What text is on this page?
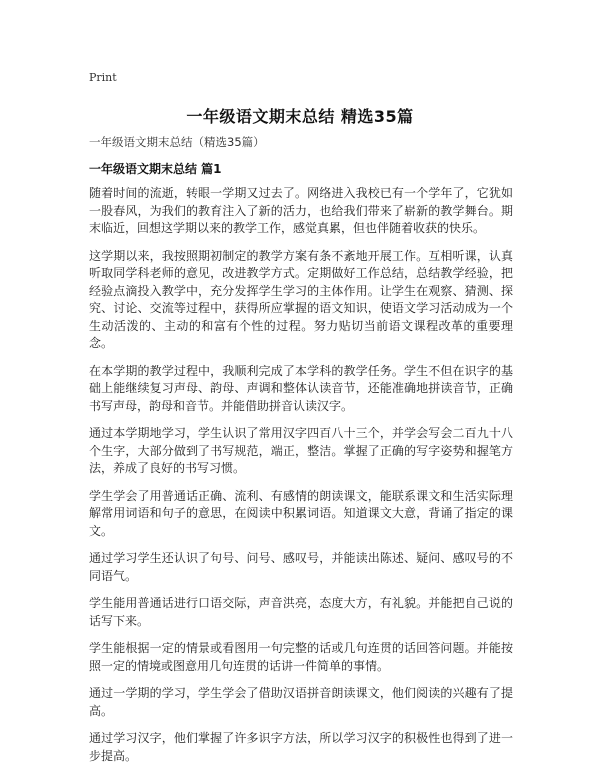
Print
一年级语文期末总结 精选35篇
一年级语文期末总结（精选35篇）
一年级语文期末总结 篇1

随着时间的流逝，转眼一学期又过去了。网络进入我校已有一个学年了，它犹如一股春风，为我们的教育注入了新的活力，也给我们带来了崭新的教学舞台。期末临近，回想这学期以来的教学工作，感觉真累，但也伴随着收获的快乐。

这学期以来，我按照期初制定的教学方案有条不紊地开展工作。互相听课，认真听取同学科老师的意见，改进教学方式。定期做好工作总结，总结教学经验，把经验点滴投入教学中，充分发挥学生学习的主体作用。让学生在观察、猜测、探究、讨论、交流等过程中，获得所应掌握的语文知识，使语文学习活动成为一个生动活泼的、主动的和富有个性的过程。努力贴切当前语文课程改革的重要理念。

在本学期的教学过程中，我顺利完成了本学科的教学任务。学生不但在识字的基础上能继续复习声母、韵母、声调和整体认读音节，还能准确地拼读音节，正确书写声母，韵母和音节。并能借助拼音认读汉字。

通过本学期地学习，学生认识了常用汉字四百八十三个，并学会写会二百九十八个生字，大部分做到了书写规范，端正，整洁。掌握了正确的写字姿势和握笔方法，养成了良好的书写习惯。

学生学会了用普通话正确、流利、有感情的朗读课文，能联系课文和生活实际理解常用词语和句子的意思，在阅读中积累词语。知道课文大意，背诵了指定的课文。

通过学习学生还认识了句号、问号、感叹号，并能读出陈述、疑问、感叹号的不同语气。

学生能用普通话进行口语交际，声音洪亮，态度大方，有礼貌。并能把自己说的话写下来。

学生能根据一定的情景或看图用一句完整的话或几句连贯的话回答问题。并能按照一定的情境或图意用几句连贯的话讲一件简单的事情。

通过一学期的学习，学生学会了借助汉语拼音朗读课文，他们阅读的兴趣有了提高。

通过学习汉字，他们掌握了许多识字方法，所以学习汉字的积极性也得到了进一步提高。
